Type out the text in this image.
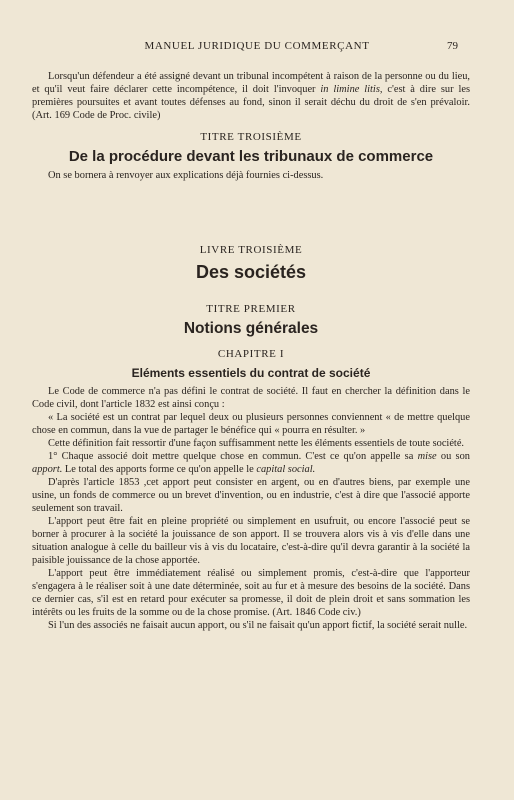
MANUEL JURIDIQUE DU COMMERÇANT	79

Lorsqu'un défendeur a été assigné devant un tribunal incompétent à raison de la personne ou du lieu, et qu'il veut faire déclarer cette incompétence, il doit l'invoquer in limine litis, c'est à dire sur les premières poursuites et avant toutes défenses au fond, sinon il serait déchu du droit de s'en prévaloir. (Art. 169 Code de Proc. civile)

TITRE TROISIÈME
De la procédure devant les tribunaux de commerce

On se bornera à renvoyer aux explications déjà fournies ci-dessus.

LIVRE TROISIÈME
Des sociétés
TITRE PREMIER
Notions générales
CHAPITRE I
Eléments essentiels du contrat de société

Le Code de commerce n'a pas défini le contrat de société. Il faut en chercher la définition dans le Code civil, dont l'article 1832 est ainsi conçu :

« La société est un contrat par lequel deux ou plusieurs personnes conviennent « de mettre quelque chose en commun, dans la vue de partager le bénéfice qui « pourra en résulter. »

Cette définition fait ressortir d'une façon suffisamment nette les éléments essentiels de toute société.

1° Chaque associé doit mettre quelque chose en commun. C'est ce qu'on appelle sa mise ou son apport. Le total des apports forme ce qu'on appelle le capital social.

D'après l'article 1853 ,cet apport peut consister en argent, ou en d'autres biens, par exemple une usine, un fonds de commerce ou un brevet d'invention, ou en industrie, c'est à dire que l'associé apporte seulement son travail.

L'apport peut être fait en pleine propriété ou simplement en usufruit, ou encore l'associé peut se borner à procurer à la société la jouissance de son apport. Il se trouvera alors vis à vis d'elle dans une situation analogue à celle du bailleur vis à vis du locataire, c'est-à-dire qu'il devra garantir à la société la paisible jouissance de la chose apportée.

L'apport peut être immédiatement réalisé ou simplement promis, c'est-à-dire que l'apporteur s'engagera à le réaliser soit à une date déterminée, soit au fur et à mesure des besoins de la société. Dans ce dernier cas, s'il est en retard pour exécuter sa promesse, il doit de plein droit et sans sommation les intérêts ou les fruits de la somme ou de la chose promise. (Art. 1846 Code civ.)

Si l'un des associés ne faisait aucun apport, ou s'il ne faisait qu'un apport fictif, la société serait nulle.
